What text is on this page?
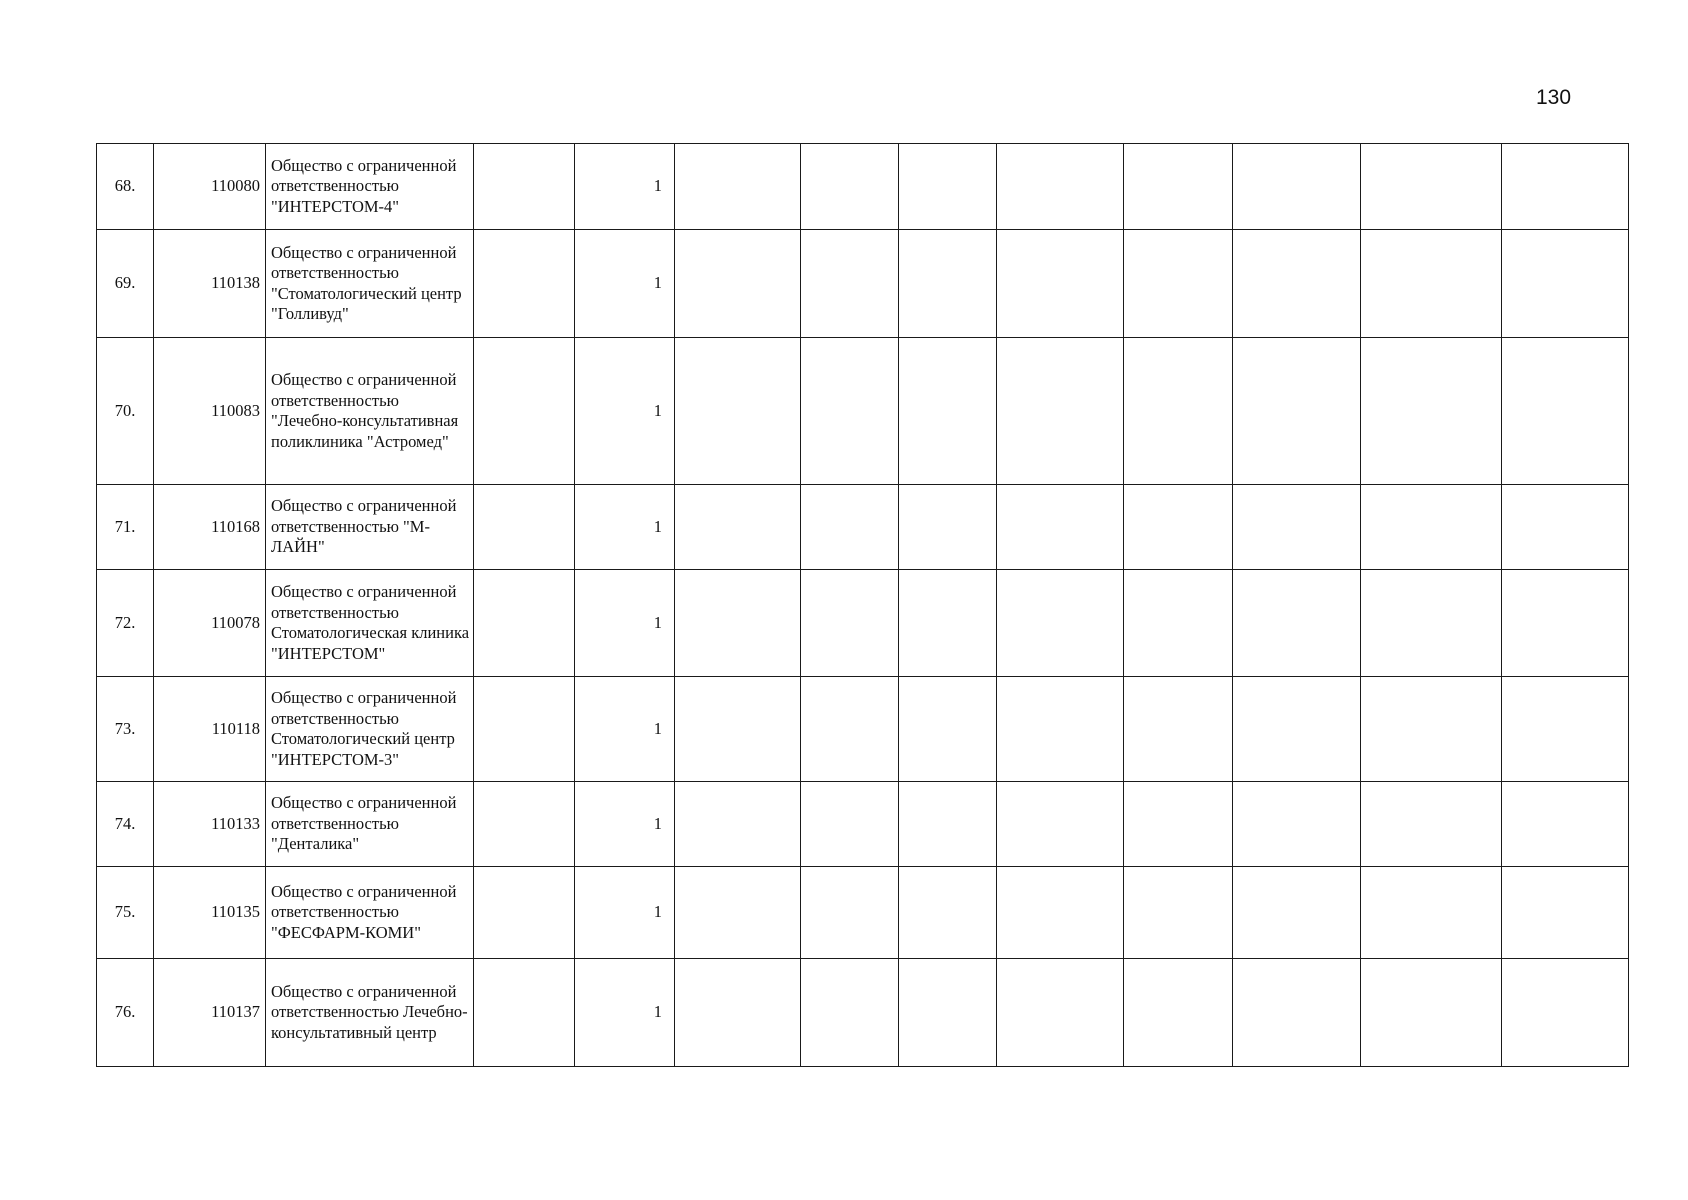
130
68.	110080	Общество с ограниченной ответственностью "ИНТЕРСТОМ-4"		1								
69.	110138	Общество с ограниченной ответственностью "Стоматологический центр "Голливуд"		1								
70.	110083	Общество с ограниченной ответственностью "Лечебно-консультативная поликлиника "Астромед"		1								
71.	110168	Общество с ограниченной ответственностью "М-ЛАЙН"		1								
72.	110078	Общество с ограниченной ответственностью Стоматологическая клиника "ИНТЕРСТОМ"		1								
73.	110118	Общество с ограниченной ответственностью Стоматологический центр "ИНТЕРСТОМ-3"		1								
74.	110133	Общество с ограниченной ответственностью "Денталика"		1								
75.	110135	Общество с ограниченной ответственностью "ФЕСФАРМ-КОМИ"		1								
76.	110137	Общество с ограниченной ответственностью Лечебно-консультативный центр		1								
